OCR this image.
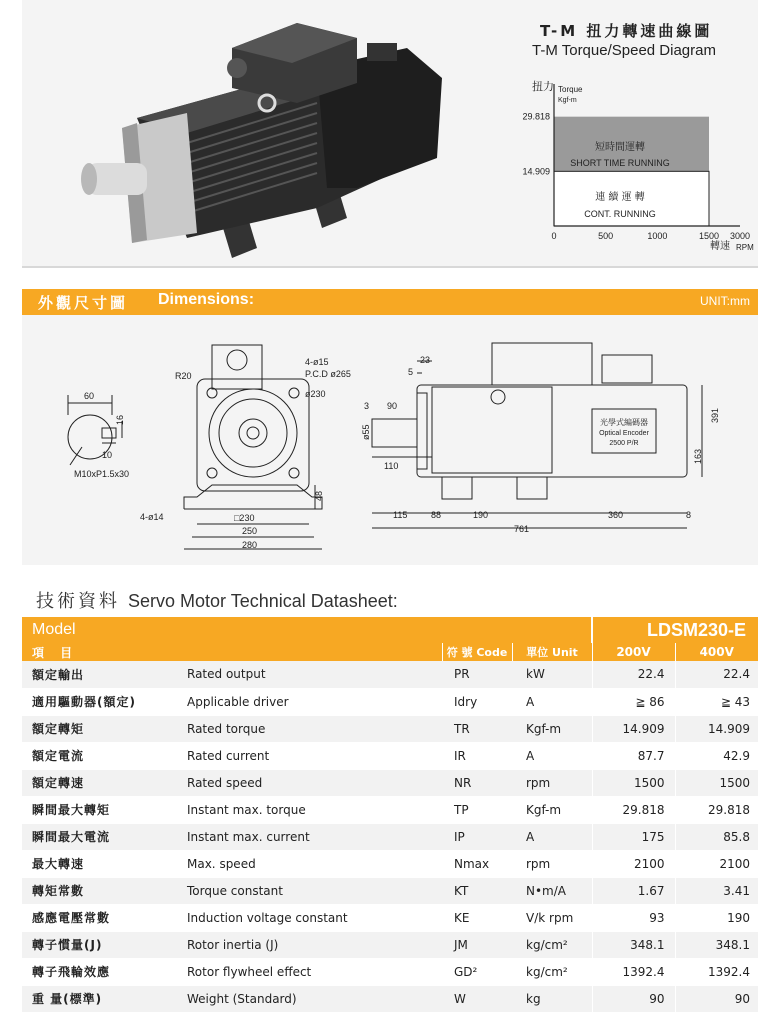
T-M 扭力轉速曲線圖
T-M Torque/Speed Diagram
扭力 Torque
Kgf-m
29.818
14.909
0	500	1000	1500 3000
短時間運轉
SHORT TIME RUNNING
連 續 運 轉
CONT. RUNNING
轉速 RPM
外觀尺寸圖 Dimensions:	UNIT:mm
60
16
10
M10xP1.5x30
R20
4-ø15
P.C.D ø265
ø230
4-ø14	□230
250
280
48
23
5
3 90
ø55
110
115	88	190	360	8
761
391
163
光學式編碼器
Optical Encoder
2500 P/R
技術資料 Servo Motor Technical Datasheet:
Model				LDSM230-E	
項 目		符 號 Code	單位 Unit	200V	400V
額定輸出	Rated output	PR	kW	22.4	22.4
適用驅動器(額定)	Applicable driver	Idry	A	≧ 86	≧ 43
額定轉矩	Rated torque	TR	Kgf-m	14.909	14.909
額定電流	Rated current	IR	A	87.7	42.9
額定轉速	Rated speed	NR	rpm	1500	1500
瞬間最大轉矩	Instant max. torque	TP	Kgf-m	29.818	29.818
瞬間最大電流	Instant max. current	IP	A	175	85.8
最大轉速	Max. speed	Nmax	rpm	2100	2100
轉矩常數	Torque constant	KT	N•m/A	1.67	3.41
感應電壓常數	Induction voltage constant	KE	V/k rpm	93	190
轉子慣量(J)	Rotor inertia (J)	JM	kg/cm²	348.1	348.1
轉子飛輪效應	Rotor flywheel effect	GD²	kg/cm²	1392.4	1392.4
重 量(標準)	Weight (Standard)	W	kg	90	90
